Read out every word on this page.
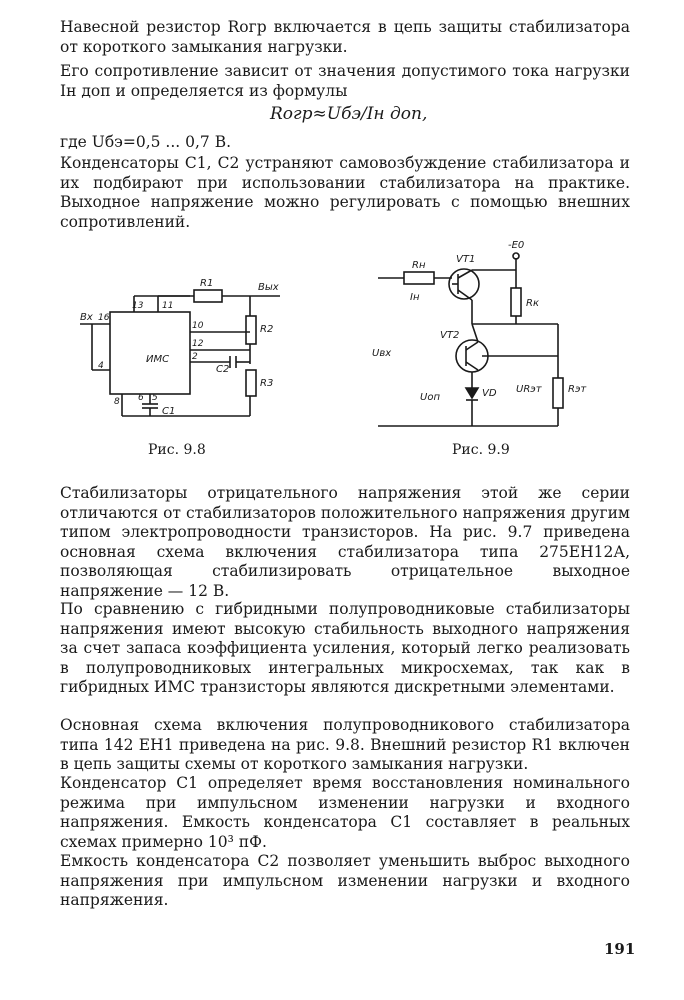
Навесной резистор Rогр включается в цепь защиты стабилизатора от короткого замыкания нагрузки.

Его сопротивление зависит от значения допустимого тока нагрузки Iн доп и определяется из формулы

Rогр≈Uбэ/Iн доп,

где Uбэ=0,5 ... 0,7 В.

Конденсаторы C1, C2 устраняют самовозбуждение стабилизатора и их подбирают при использовании стабилизатора на практике. Выходное напряжение можно регулировать с помощью внешних сопротивлений.

ИМС
Вх
Вых
R1
R2
R3
C2
C1
16
13 11
10
12
2
4
8	5
6
Рис. 9.8
Rн
Iн
VT1
-E0
Rк
VT2
Uвх
Uоп	VD URэт	Rэт
Рис. 9.9

Стабилизаторы отрицательного напряжения этой же серии отличаются от стабилизаторов положительного напряжения другим типом электропроводности транзисторов. На рис. 9.7 приведена основная схема включения стабилизатора типа 275ЕН12А, позволяющая стабилизировать отрицательное выходное напряжение — 12 В.

По сравнению с гибридными полупроводниковые стабилизаторы напряжения имеют высокую стабильность выходного напряжения за счет запаса коэффициента усиления, который легко реализовать в полупроводниковых интегральных микросхемах, так как в гибридных ИМС транзисторы являются дискретными элементами.

Основная схема включения полупроводникового стабилизатора типа 142 ЕН1 приведена на рис. 9.8. Внешний резистор R1 включен в цепь защиты схемы от короткого замыкания нагрузки.

Конденсатор C1 определяет время восстановления номинального режима при импульсном изменении нагрузки и входного напряжения. Емкость конденсатора C1 составляет в реальных схемах примерно 10³ пФ.

Емкость конденсатора C2 позволяет уменьшить выброс выходного напряжения при импульсном изменении нагрузки и входного напряжения.

191
